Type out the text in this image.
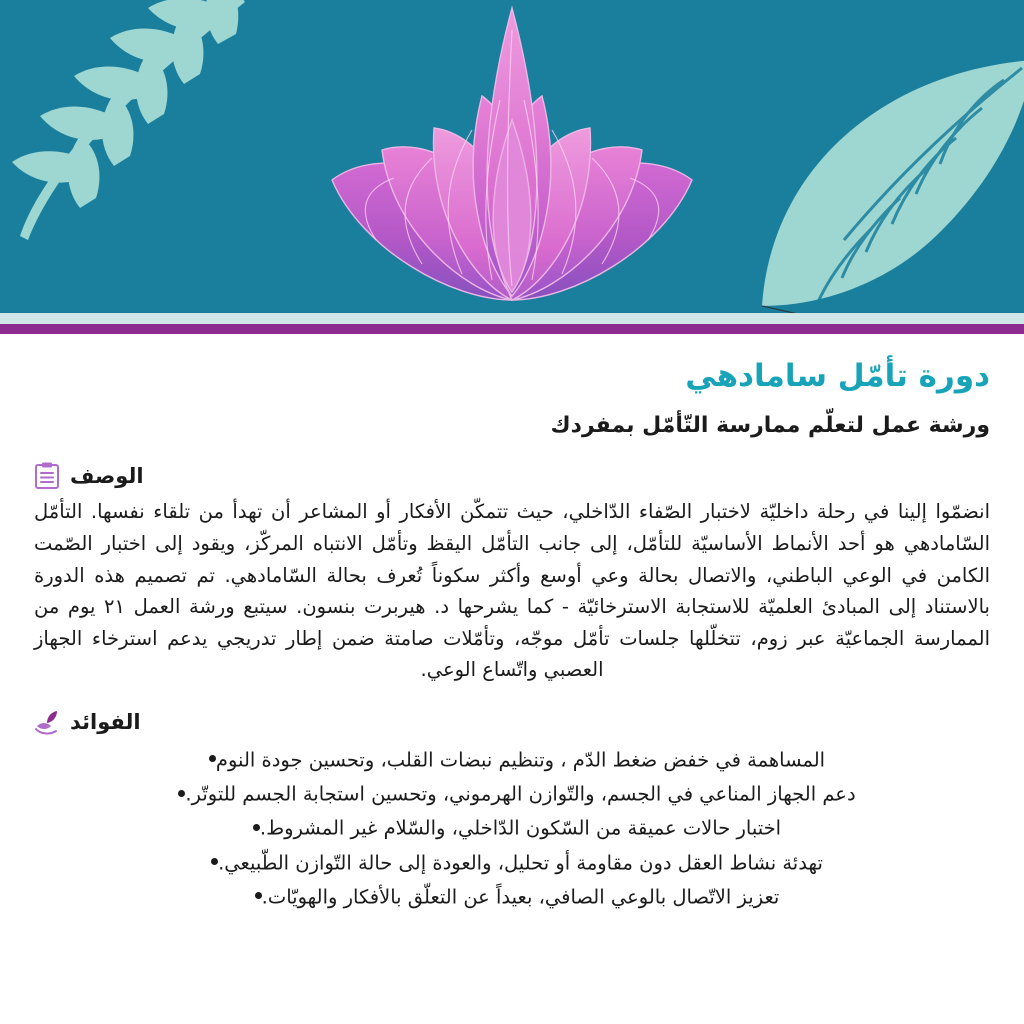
دورة تأمّل سامادهي
ورشة عمل لتعلّم ممارسة التّأمّل بمفردك
الوصف

انضمّوا إلينا في رحلة داخليّة لاختبار الصّفاء الدّاخلي، حيث تتمكّن الأفكار أو المشاعر أن تهدأ من تلقاء نفسها. التأمّل السّامادهي هو أحد الأنماط الأساسيّة للتأمّل، إلى جانب التأمّل اليقظ وتأمّل الانتباه المركّز، ويقود إلى اختبار الصّمت الكامن في الوعي الباطني، والاتصال بحالة وعي أوسع وأكثر سكوناً تُعرف بحالة السّامادهي. تم تصميم هذه الدورة بالاستناد إلى المبادئ العلميّة للاستجابة الاسترخائيّة - كما يشرحها د. هيربرت بنسون. سيتبع ورشة العمل ٢١ يوم من الممارسة الجماعيّة عبر زوم، تتخلّلها جلسات تأمّل موجّه، وتأمّلات صامتة ضمن إطار تدريجي يدعم استرخاء الجهاز العصبي واتّساع الوعي.

الفوائد
المساهمة في خفض ضغط الدّم ، وتنظيم نبضات القلب، وتحسين جودة النوم
دعم الجهاز المناعي في الجسم، والتّوازن الهرموني، وتحسين استجابة الجسم للتوتّر.
اختبار حالات عميقة من السّكون الدّاخلي، والسّلام غير المشروط.
تهدئة نشاط العقل دون مقاومة أو تحليل، والعودة إلى حالة التّوازن الطّبيعي.
تعزيز الاتّصال بالوعي الصافي، بعيداً عن التعلّق بالأفكار والهويّات.
